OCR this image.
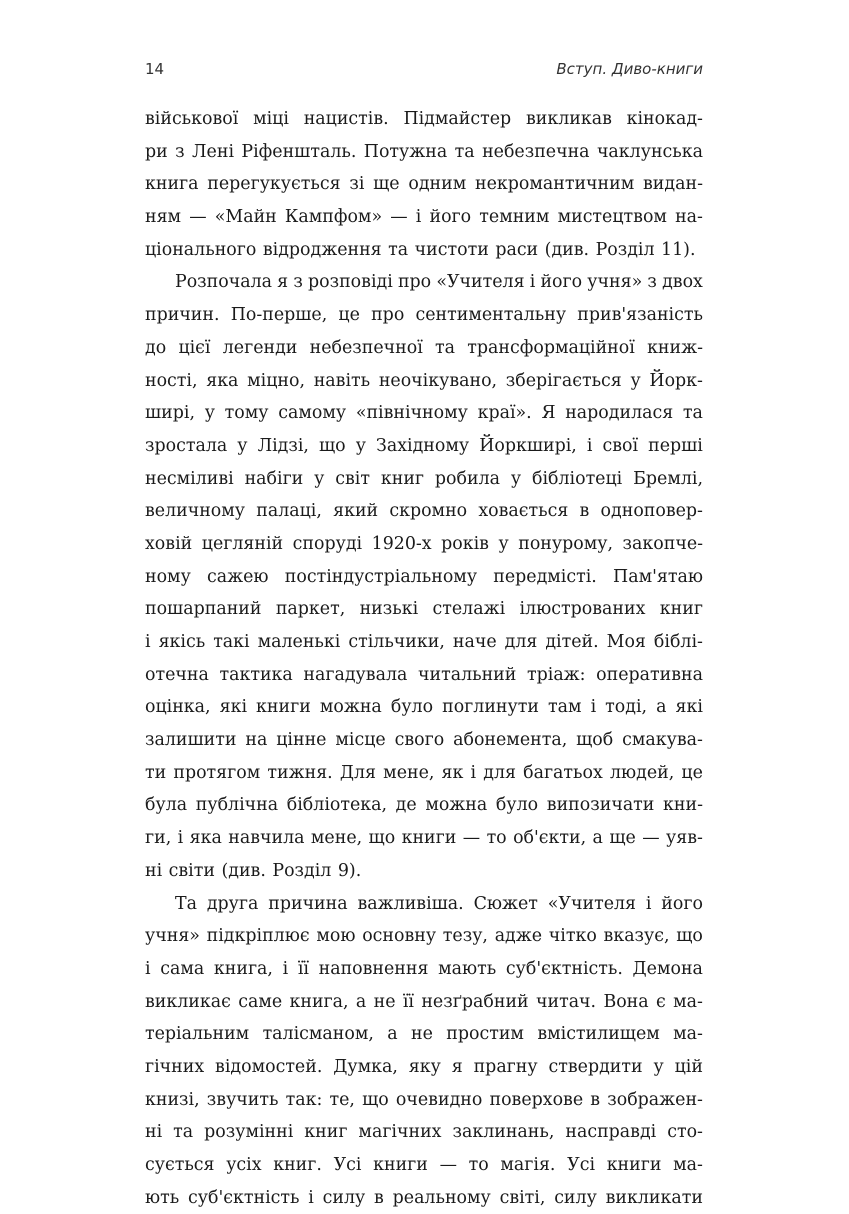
14	Вступ. Диво-книги
військової міці нацистів. Підмайстер викликав кінокад-
ри з Лені Ріфеншталь. Потужна та небезпечна чаклунська
книга перегукується зі ще одним некромантичним видан-
ням — «Майн Кампфом» — і його темним мистецтвом на-
ціонального відродження та чистоти раси (див. Розділ 11).
Розпочала я з розповіді про «Учителя і його учня» з двох
причин. По-перше, це про сентиментальну прив'язаність
до цієї легенди небезпечної та трансформаційної книж-
ності, яка міцно, навіть неочікувано, зберігається у Йорк-
ширі, у тому самому «північному краї». Я народилася та
зростала у Лідзі, що у Західному Йоркширі, і свої перші
несміливі набіги у світ книг робила у бібліотеці Бремлі,
величному палаці, який скромно ховається в одноповер-
ховій цегляній споруді 1920-х років у понурому, закопче-
ному сажею постіндустріальному передмісті. Пам'ятаю
пошарпаний паркет, низькі стелажі ілюстрованих книг
і якісь такі маленькі стільчики, наче для дітей. Моя біблі-
отечна тактика нагадувала читальний тріаж: оперативна
оцінка, які книги можна було поглинути там і тоді, а які
залишити на цінне місце свого абонемента, щоб смакува-
ти протягом тижня. Для мене, як і для багатьох людей, це
була публічна бібліотека, де можна було випозичати кни-
ги, і яка навчила мене, що книги — то об'єкти, а ще — уяв-
ні світи (див. Розділ 9).
Та друга причина важливіша. Сюжет «Учителя і його
учня» підкріплює мою основну тезу, адже чітко вказує, що
і сама книга, і її наповнення мають суб'єктність. Демона
викликає саме книга, а не її незґрабний читач. Вона є ма-
теріальним талісманом, а не простим вмістилищем ма-
гічних відомостей. Думка, яку я прагну ствердити у цій
книзі, звучить так: те, що очевидно поверхове в зображен-
ні та розумінні книг магічних заклинань, насправді сто-
сується усіх книг. Усі книги — то магія. Усі книги ма-
ють суб'єктність і силу в реальному світі, силу викликати
